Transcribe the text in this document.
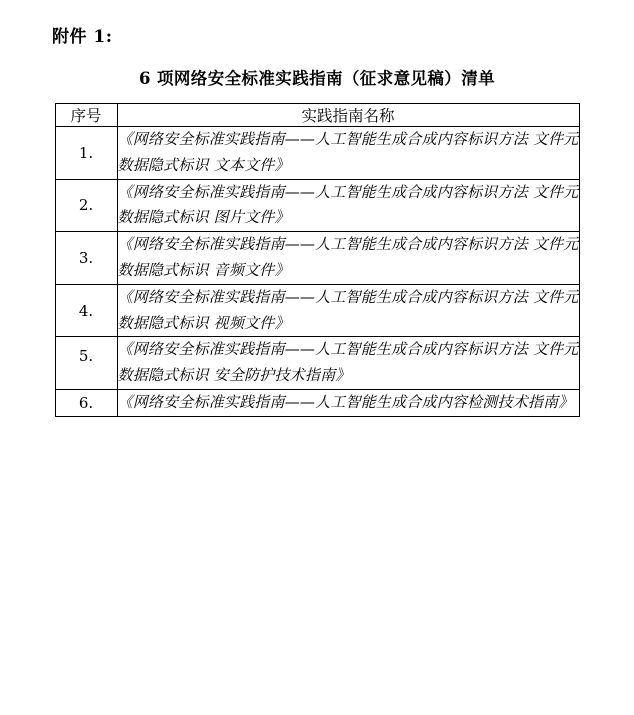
附件 1:
6 项网络安全标准实践指南（征求意见稿）清单
序号	实践指南名称
1.	《网络安全标准实践指南——人工智能生成合成内容标识方法 文件元数据隐式标识 文本文件》
2.	《网络安全标准实践指南——人工智能生成合成内容标识方法 文件元数据隐式标识 图片文件》
3.	《网络安全标准实践指南——人工智能生成合成内容标识方法 文件元数据隐式标识 音频文件》
4.	《网络安全标准实践指南——人工智能生成合成内容标识方法 文件元数据隐式标识 视频文件》
5.	《网络安全标准实践指南——人工智能生成合成内容标识方法 文件元数据隐式标识 安全防护技术指南》
6.	《网络安全标准实践指南——人工智能生成合成内容检测技术指南》
